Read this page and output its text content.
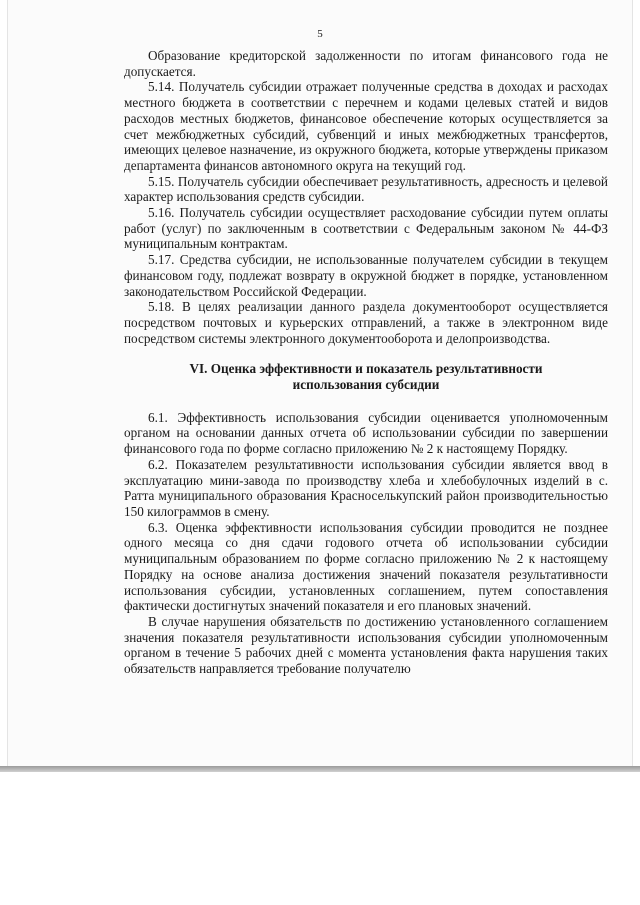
5

Образование кредиторской задолженности по итогам финансового года не допускается.

5.14. Получатель субсидии отражает полученные средства в доходах и расходах местного бюджета в соответствии с перечнем и кодами целевых статей и видов расходов местных бюджетов, финансовое обеспечение которых осуществляется за счет межбюджетных субсидий, субвенций и иных межбюджетных трансфертов, имеющих целевое назначение, из окружного бюджета, которые утверждены приказом департамента финансов автономного округа на текущий год.

5.15. Получатель субсидии обеспечивает результативность, адресность и целевой характер использования средств субсидии.

5.16. Получатель субсидии осуществляет расходование субсидии путем оплаты работ (услуг) по заключенным в соответствии с Федеральным законом № 44-ФЗ муниципальным контрактам.

5.17. Средства субсидии, не использованные получателем субсидии в текущем финансовом году, подлежат возврату в окружной бюджет в порядке, установленном законодательством Российской Федерации.

5.18. В целях реализации данного раздела документооборот осуществляется посредством почтовых и курьерских отправлений, а также в электронном виде посредством системы электронного документооборота и делопроизводства.

VI. Оценка эффективности и показатель результативности
использования субсидии

6.1. Эффективность использования субсидии оценивается уполномоченным органом на основании данных отчета об использовании субсидии по завершении финансового года по форме согласно приложению № 2 к настоящему Порядку.

6.2. Показателем результативности использования субсидии является ввод в эксплуатацию мини-завода по производству хлеба и хлебобулочных изделий в с. Ратта муниципального образования Красноселькупский район производительностью 150 килограммов в смену.

6.3. Оценка эффективности использования субсидии проводится не позднее одного месяца со дня сдачи годового отчета об использовании субсидии муниципальным образованием по форме согласно приложению № 2 к настоящему Порядку на основе анализа достижения значений показателя результативности использования субсидии, установленных соглашением, путем сопоставления фактически достигнутых значений показателя и его плановых значений.

В случае нарушения обязательств по достижению установленного соглашением значения показателя результативности использования субсидии уполномоченным органом в течение 5 рабочих дней с момента установления факта нарушения таких обязательств направляется требование получателю
